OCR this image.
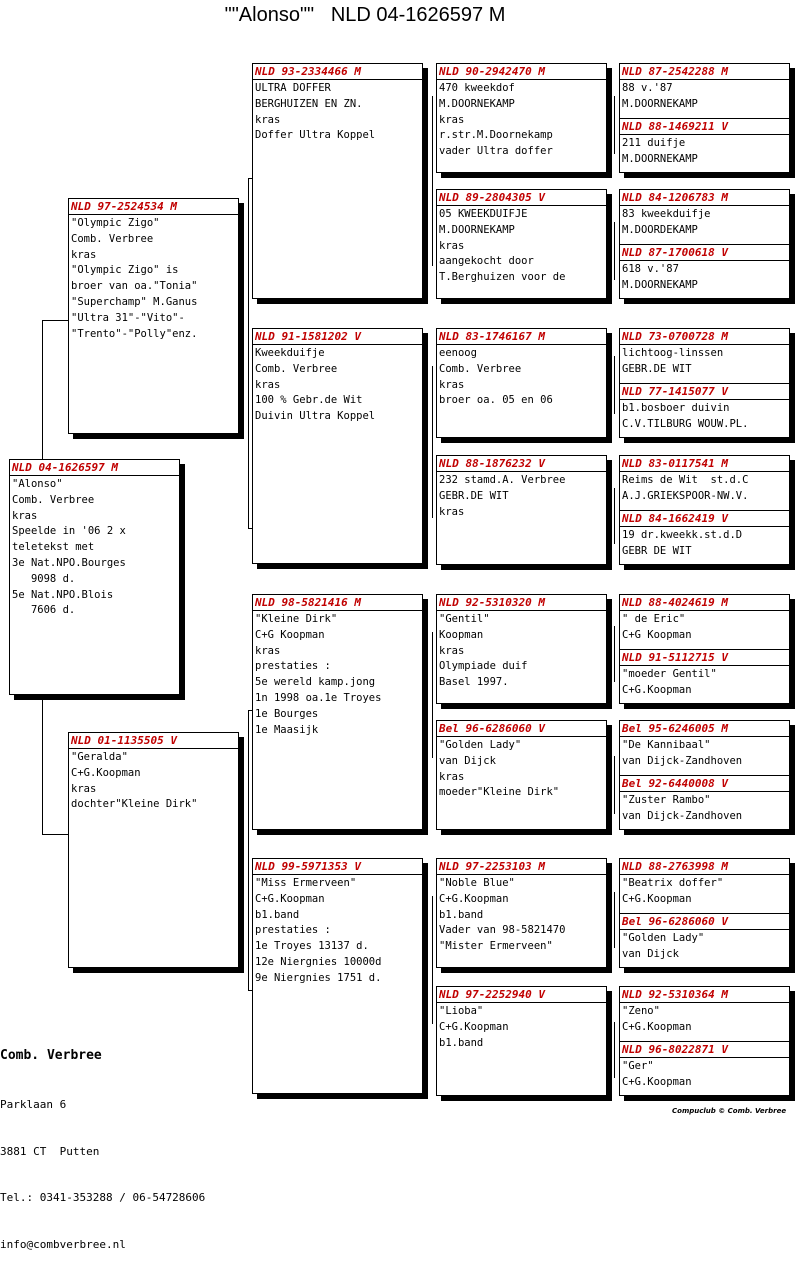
""Alonso""   NLD 04-1626597 M
NLD 04-1626597 M
"Alonso"
Comb. Verbree
kras
Speelde in '06 2 x
teletekst met
3e Nat.NPO.Bourges
9098 d.
5e Nat.NPO.Blois
7606 d.
NLD 97-2524534 M
"Olympic Zigo"
Comb. Verbree
kras
"Olympic Zigo" is
broer van oa."Tonia"
"Superchamp" M.Ganus
"Ultra 31"-"Vito"-
"Trento"-"Polly"enz.
NLD 01-1135505 V
"Geralda"
C+G.Koopman
kras
dochter"Kleine Dirk"
NLD 93-2334466 M
ULTRA DOFFER
BERGHUIZEN EN ZN.
kras
Doffer Ultra Koppel
NLD 91-1581202 V
Kweekduifje
Comb. Verbree
kras
100 % Gebr.de Wit
Duivin Ultra Koppel
NLD 98-5821416 M
"Kleine Dirk"
C+G Koopman
kras
prestaties :
5e wereld kamp.jong
1n 1998 oa.1e Troyes
1e Bourges
1e Maasijk
NLD 99-5971353 V
"Miss Ermerveen"
C+G.Koopman
b1.band
prestaties :
1e Troyes 13137 d.
12e Niergnies 10000d
9e Niergnies 1751 d.
NLD 90-2942470 M
470 kweekdof
M.DOORNEKAMP
kras
r.str.M.Doornekamp
vader Ultra doffer
NLD 89-2804305 V
05 KWEEKDUIFJE
M.DOORNEKAMP
kras
aangekocht door
T.Berghuizen voor de
NLD 83-1746167 M
eenoog
Comb. Verbree
kras
broer oa. 05 en 06
NLD 88-1876232 V
232 stamd.A. Verbree
GEBR.DE WIT
kras
NLD 92-5310320 M
"Gentil"
Koopman
kras
Olympiade duif
Basel 1997.
Bel 96-6286060 V
"Golden Lady"
van Dijck
kras
moeder"Kleine Dirk"
NLD 97-2253103 M
"Noble Blue"
C+G.Koopman
b1.band
Vader van 98-5821470
"Mister Ermerveen"
NLD 97-2252940 V
"Lioba"
C+G.Koopman
b1.band
NLD 87-2542288 M
88 v.'87
M.DOORNEKAMP
NLD 88-1469211 V
211 duifje
M.DOORNEKAMP
NLD 84-1206783 M
83 kweekduifje
M.DOORDEKAMP
NLD 87-1700618 V
618 v.'87
M.DOORNEKAMP
NLD 73-0700728 M
lichtoog-linssen
GEBR.DE WIT
NLD 77-1415077 V
b1.bosboer duivin
C.V.TILBURG WOUW.PL.
NLD 83-0117541 M
Reims de Wit  st.d.C
A.J.GRIEKSPOOR-NW.V.
NLD 84-1662419 V
19 dr.kweekk.st.d.D
GEBR DE WIT
NLD 88-4024619 M
" de Eric"
C+G Koopman
NLD 91-5112715 V
"moeder Gentil"
C+G.Koopman
Bel 95-6246005 M
"De Kannibaal"
van Dijck-Zandhoven
Bel 92-6440008 V
"Zuster Rambo"
van Dijck-Zandhoven
NLD 88-2763998 M
"Beatrix doffer"
C+G.Koopman
Bel 96-6286060 V
"Golden Lady"
van Dijck
NLD 92-5310364 M
"Zeno"
C+G.Koopman
NLD 96-8022871 V
"Ger"
C+G.Koopman

Comb. Verbree

Parklaan 6

3881 CT  Putten

Tel.: 0341-353288 / 06-54728606

info@combverbree.nl

Compuclub © Comb. Verbree
